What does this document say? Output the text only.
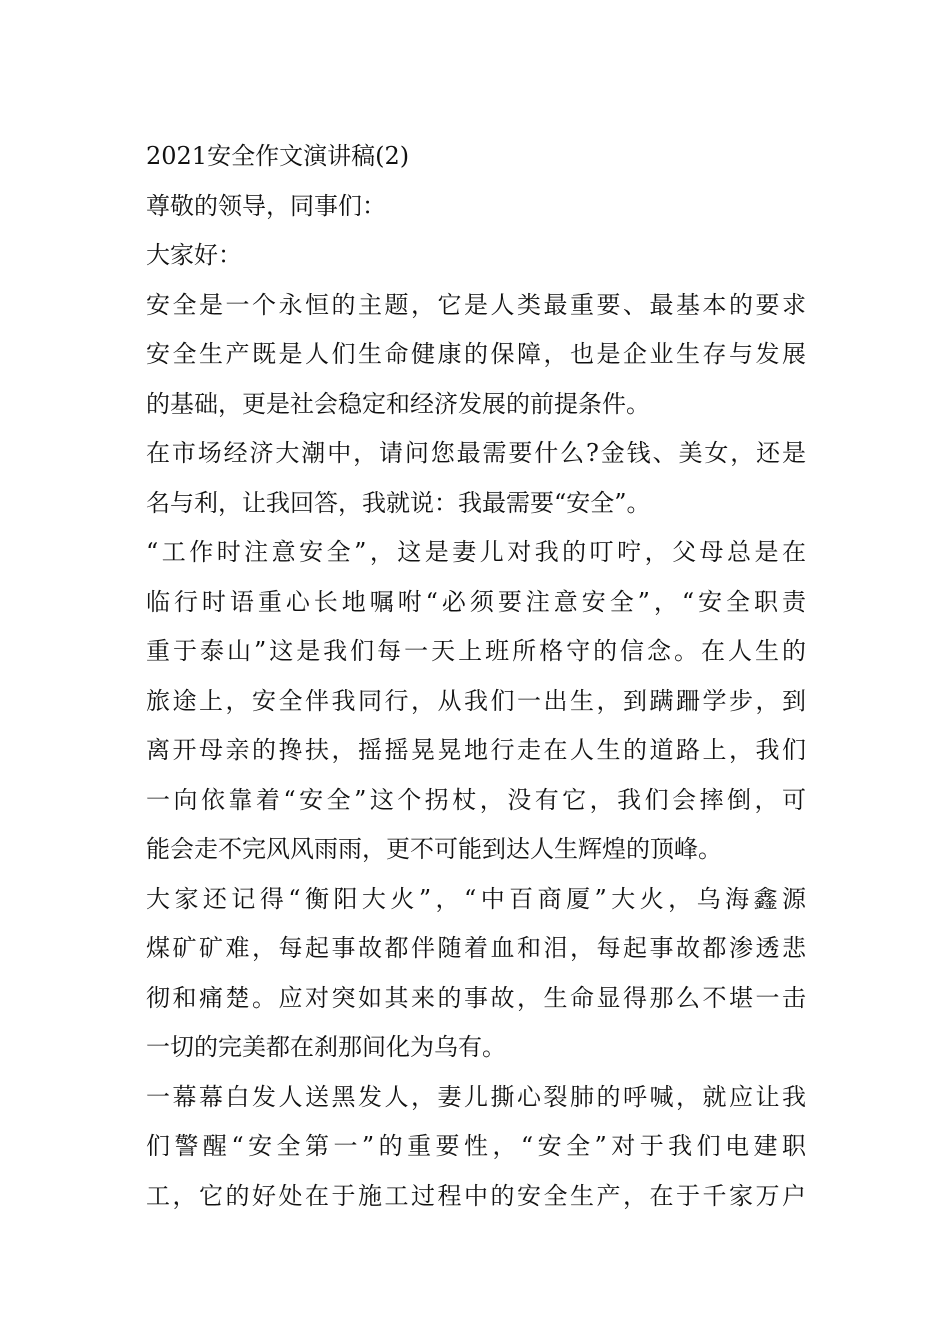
2021安全作文演讲稿(2)
尊敬的领导，同事们：
大家好：
安全是一个永恒的主题，它是人类最重要、最基本的要求
安全生产既是人们生命健康的保障，也是企业生存与发展
的基础，更是社会稳定和经济发展的前提条件。
在市场经济大潮中，请问您最需要什么?金钱、美女，还是
名与利，让我回答，我就说：我最需要“安全”。
“工作时注意安全”，这是妻儿对我的叮咛，父母总是在
临行时语重心长地嘱咐“必须要注意安全”，“安全职责
重于泰山”这是我们每一天上班所格守的信念。在人生的
旅途上，安全伴我同行，从我们一出生，到蹒跚学步，到
离开母亲的搀扶，摇摇晃晃地行走在人生的道路上，我们
一向依靠着“安全”这个拐杖，没有它，我们会摔倒，可
能会走不完风风雨雨，更不可能到达人生辉煌的顶峰。
大家还记得“衡阳大火”，“中百商厦”大火，乌海鑫源
煤矿矿难，每起事故都伴随着血和泪，每起事故都渗透悲
彻和痛楚。应对突如其来的事故，生命显得那么不堪一击
一切的完美都在刹那间化为乌有。
一幕幕白发人送黑发人，妻儿撕心裂肺的呼喊，就应让我
们警醒“安全第一”的重要性，“安全”对于我们电建职
工，它的好处在于施工过程中的安全生产，在于千家万户
